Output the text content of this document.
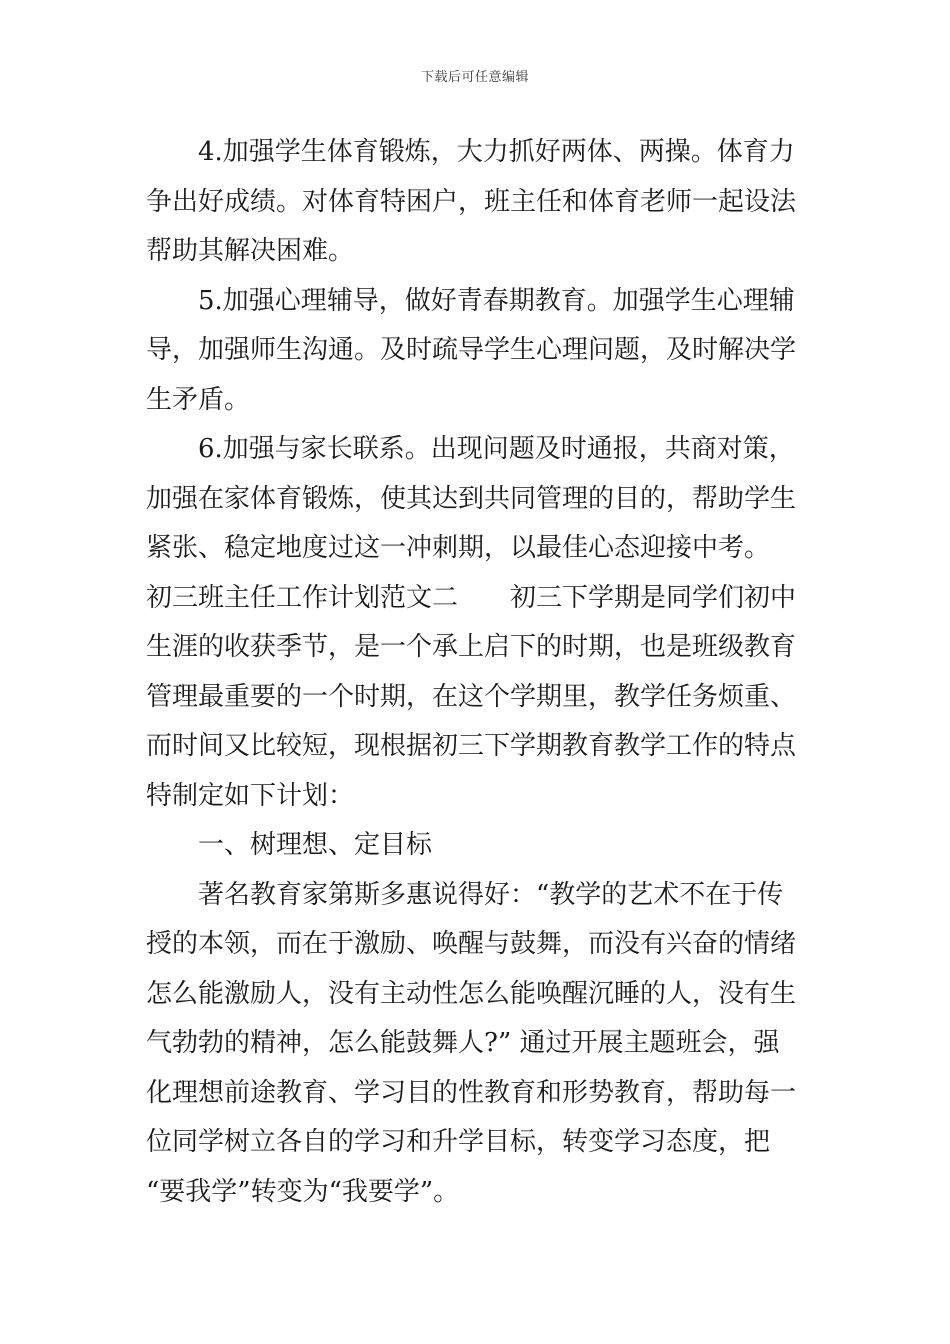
下载后可任意编辑
4.加强学生体育锻炼，大力抓好两体、两操。体育力
争出好成绩。对体育特困户，班主任和体育老师一起设法
帮助其解决困难。
5.加强心理辅导，做好青春期教育。加强学生心理辅
导，加强师生沟通。及时疏导学生心理问题，及时解决学
生矛盾。
6.加强与家长联系。出现问题及时通报，共商对策，
加强在家体育锻炼，使其达到共同管理的目的，帮助学生
紧张、稳定地度过这一冲刺期，以最佳心态迎接中考。
初三班主任工作计划范文二 初三下学期是同学们初中
生涯的收获季节，是一个承上启下的时期，也是班级教育
管理最重要的一个时期，在这个学期里，教学任务烦重、
而时间又比较短，现根据初三下学期教育教学工作的特点
特制定如下计划：
一、树理想、定目标
著名教育家第斯多惠说得好：“教学的艺术不在于传
授的本领，而在于激励、唤醒与鼓舞，而没有兴奋的情绪
怎么能激励人，没有主动性怎么能唤醒沉睡的人，没有生
气勃勃的精神，怎么能鼓舞人?” 通过开展主题班会，强
化理想前途教育、学习目的性教育和形势教育，帮助每一
位同学树立各自的学习和升学目标，转变学习态度，把
“要我学”转变为“我要学”。
